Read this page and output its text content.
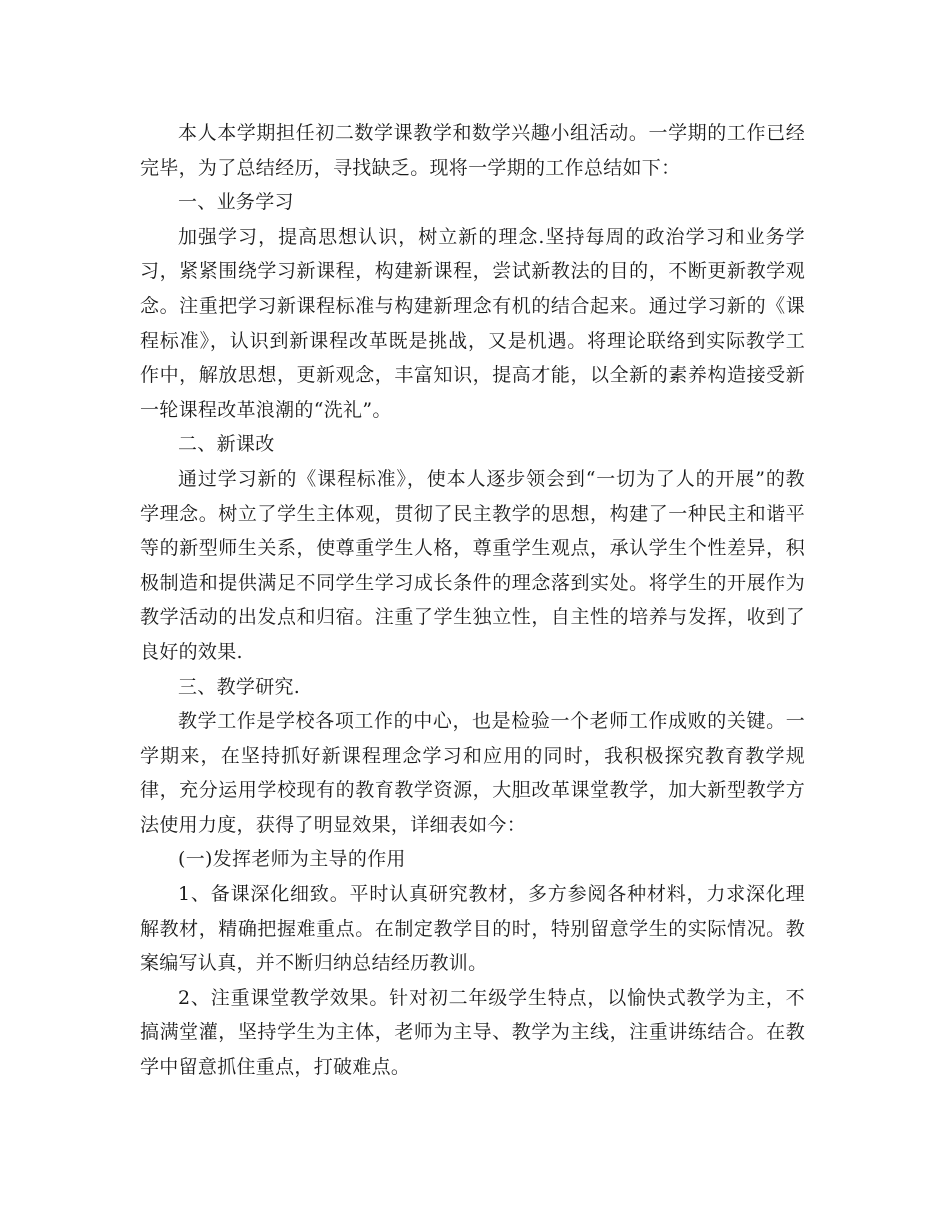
本人本学期担任初二数学课教学和数学兴趣小组活动。一学期的工作已经完毕，为了总结经历，寻找缺乏。现将一学期的工作总结如下：

一、业务学习

加强学习，提高思想认识，树立新的理念.坚持每周的政治学习和业务学习，紧紧围绕学习新课程，构建新课程，尝试新教法的目的，不断更新教学观念。注重把学习新课程标准与构建新理念有机的结合起来。通过学习新的《课程标准》，认识到新课程改革既是挑战，又是机遇。将理论联络到实际教学工作中，解放思想，更新观念，丰富知识，提高才能，以全新的素养构造接受新一轮课程改革浪潮的“洗礼”。

二、新课改

通过学习新的《课程标准》，使本人逐步领会到“一切为了人的开展”的教学理念。树立了学生主体观，贯彻了民主教学的思想，构建了一种民主和谐平等的新型师生关系，使尊重学生人格，尊重学生观点，承认学生个性差异，积极制造和提供满足不同学生学习成长条件的理念落到实处。将学生的开展作为教学活动的出发点和归宿。注重了学生独立性，自主性的培养与发挥，收到了良好的效果.

三、教学研究.

教学工作是学校各项工作的中心，也是检验一个老师工作成败的关键。一学期来，在坚持抓好新课程理念学习和应用的同时，我积极探究教育教学规律，充分运用学校现有的教育教学资源，大胆改革课堂教学，加大新型教学方法使用力度，获得了明显效果，详细表如今：

(一)发挥老师为主导的作用

1、备课深化细致。平时认真研究教材，多方参阅各种材料，力求深化理解教材，精确把握难重点。在制定教学目的时，特别留意学生的实际情况。教案编写认真，并不断归纳总结经历教训。

2、注重课堂教学效果。针对初二年级学生特点，以愉快式教学为主，不搞满堂灌，坚持学生为主体，老师为主导、教学为主线，注重讲练结合。在教学中留意抓住重点，打破难点。
